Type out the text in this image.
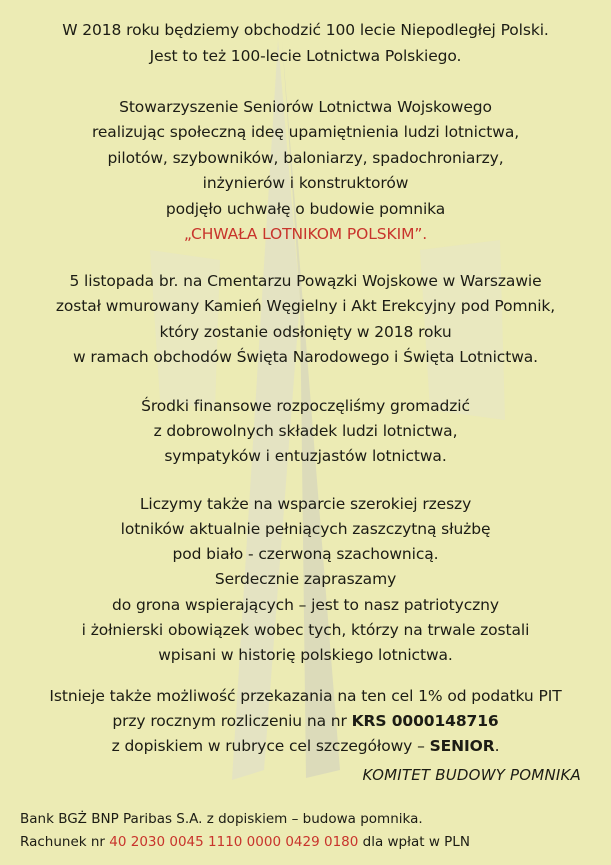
W 2018 roku będziemy obchodzić 100 lecie Niepodległej Polski.
Jest to też 100-lecie Lotnictwa Polskiego.
Stowarzyszenie Seniorów Lotnictwa Wojskowego
realizując społeczną ideę upamiętnienia ludzi lotnictwa,
pilotów, szybowników, baloniarzy, spadochroniarzy,
inżynierów i konstruktorów
podjęło uchwałę o budowie pomnika
„CHWAŁA LOTNIKOM POLSKIM”.
5 listopada br. na Cmentarzu Powązki Wojskowe w Warszawie
został wmurowany Kamień Węgielny i Akt Erekcyjny pod Pomnik,
który zostanie odsłonięty w 2018 roku
w ramach obchodów Święta Narodowego i Święta Lotnictwa.
Środki finansowe rozpoczęliśmy gromadzić
z dobrowolnych składek ludzi lotnictwa,
sympatyków i entuzjastów lotnictwa.
Liczymy także na wsparcie szerokiej rzeszy
lotników aktualnie pełniących zaszczytną służbę
pod biało - czerwoną szachownicą.
Serdecznie zapraszamy
do grona wspierających – jest to nasz patriotyczny
i żołnierski obowiązek wobec tych, którzy na trwale zostali
wpisani w historię polskiego lotnictwa.
Istnieje także możliwość przekazania na ten cel 1% od podatku PIT
przy rocznym rozliczeniu na nr KRS 0000148716
z dopiskiem w rubryce cel szczegółowy – SENIOR.
KOMITET BUDOWY POMNIKA
Bank BGŻ BNP Paribas S.A. z dopiskiem – budowa pomnika.
Rachunek nr 40 2030 0045 1110 0000 0429 0180 dla wpłat w PLN
